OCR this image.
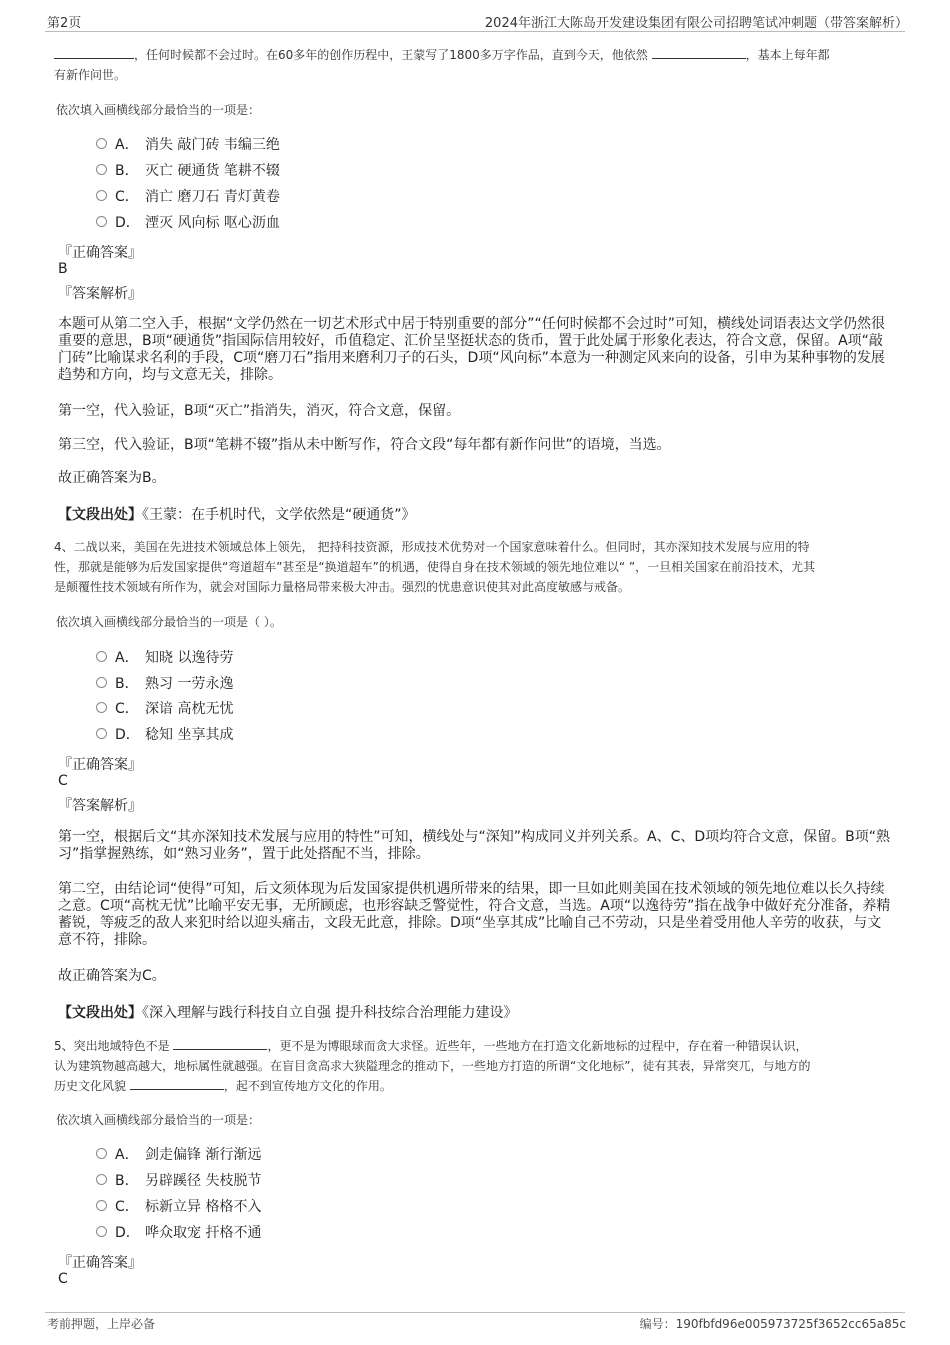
第2页	2024年浙江大陈岛开发建设集团有限公司招聘笔试冲刺题（带答案解析）
，任何时候都不会过时。在60多年的创作历程中，王蒙写了1800多万字作品，直到今天，他依然	，基本上每年都
有新作问世。
依次填入画横线部分最恰当的一项是：
A． 消失 敲门砖 韦编三绝
B． 灭亡 硬通货 笔耕不辍
C． 消亡 磨刀石 青灯黄卷
D． 湮灭 风向标 呕心沥血
『正确答案』
B
『答案解析』
本题可从第二空入手，根据“文学仍然在一切艺术形式中居于特别重要的部分”“任何时候都不会过时”可知，横线处词语表达文学仍然很重要的意思，B项“硬通货”指国际信用较好，币值稳定、汇价呈坚挺状态的货币，置于此处属于形象化表达，符合文意，保留。A项“敲门砖”比喻谋求名利的手段，C项“磨刀石”指用来磨利刀子的石头，D项“风向标”本意为一种测定风来向的设备，引申为某种事物的发展趋势和方向，均与文意无关，排除。
第一空，代入验证，B项“灭亡”指消失，消灭，符合文意，保留。
第三空，代入验证，B项“笔耕不辍”指从未中断写作，符合文段“每年都有新作问世”的语境，当选。
故正确答案为B。
【文段出处】《王蒙：在手机时代，文学依然是“硬通货”》
4、二战以来，美国在先进技术领域总体上领先， 把持科技资源，形成技术优势对一个国家意味着什么。但同时，其亦深知技术发展与应用的特
性，那就是能够为后发国家提供“弯道超车”甚至是“换道超车”的机遇，使得自身在技术领域的领先地位难以“ ”，一旦相关国家在前沿技术，尤其
是颠覆性技术领域有所作为，就会对国际力量格局带来极大冲击。强烈的忧患意识使其对此高度敏感与戒备。
依次填入画横线部分最恰当的一项是（ ）。
A． 知晓 以逸待劳
B． 熟习 一劳永逸
C． 深谙 高枕无忧
D． 稔知 坐享其成
『正确答案』
C
『答案解析』
第一空，根据后文“其亦深知技术发展与应用的特性”可知，横线处与“深知”构成同义并列关系。A、C、D项均符合文意，保留。B项“熟习”指掌握熟练，如“熟习业务”，置于此处搭配不当，排除。
第二空，由结论词“使得”可知，后文须体现为后发国家提供机遇所带来的结果，即一旦如此则美国在技术领域的领先地位难以长久持续之意。C项“高枕无忧”比喻平安无事，无所顾虑，也形容缺乏警觉性，符合文意，当选。A项“以逸待劳”指在战争中做好充分准备，养精蓄锐，等疲乏的敌人来犯时给以迎头痛击，文段无此意，排除。D项“坐享其成”比喻自己不劳动，只是坐着受用他人辛劳的收获，与文意不符，排除。
故正确答案为C。
【文段出处】《深入理解与践行科技自立自强 提升科技综合治理能力建设》
5、突出地域特色不是	，更不是为博眼球而贪大求怪。近些年，一些地方在打造文化新地标的过程中，存在着一种错误认识，
认为建筑物越高越大，地标属性就越强。在盲目贪高求大狭隘理念的推动下，一些地方打造的所谓“文化地标”，徒有其表，异常突兀，与地方的
历史文化风貌	，起不到宣传地方文化的作用。
依次填入画横线部分最恰当的一项是：
A． 剑走偏锋 渐行渐远
B． 另辟蹊径 失枝脱节
C． 标新立异 格格不入
D． 哗众取宠 扞格不通
『正确答案』
C
考前押题，上岸必备	编号：190fbfd96e005973725f3652cc65a85c
